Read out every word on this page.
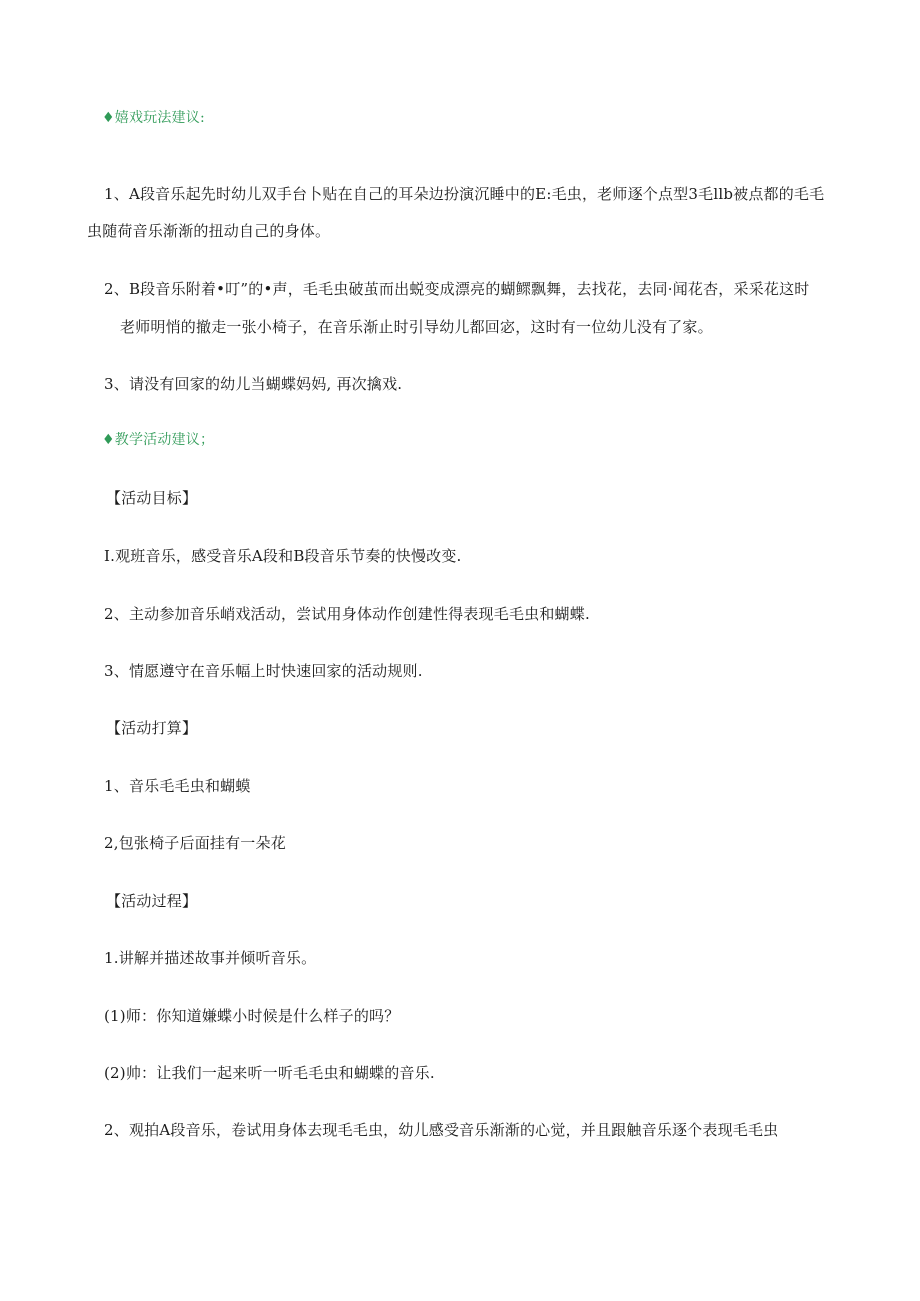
♦嬉戏玩法建议:
1、A段音乐起先时幼儿双手台卜贴在自己的耳朵边扮演沉睡中的E:毛虫，老师逐个点型3毛llb被点都的毛毛
虫随荷音乐渐渐的扭动自己的身体。
2、B段音乐附着•叮”的•声，毛毛虫破茧而出蜕变成漂亮的蝴鳏飘舞，去找花，去同·闻花杏，采采花这时
老师明悄的撤走一张小椅子，在音乐渐止时引导幼儿都回宓，这时有一位幼儿没有了家。
3、请没有回家的幼儿当蝴蝶妈妈, 再次擒戏.
♦教学活动建议；
【活动目标】
I.观班音乐，感受音乐A段和B段音乐节奏的快慢改变.
2、主动参加音乐峭戏活动，尝试用身体动作创建性得表现毛毛虫和蝴蝶.
3、情愿遵守在音乐幅上时快速回家的活动规则.
【活动打算】
1、音乐毛毛虫和蝴蟆
2,包张椅子后面挂有一朵花
【活动过程】
1.讲解并描述故事并倾听音乐。
(1)师：你知道嫌蝶小时候是什么样子的吗？
(2)帅：让我们一起来听一听毛毛虫和蝴蝶的音乐.
2、观拍A段音乐，卷试用身体去现毛毛虫，幼儿感受音乐渐渐的心觉，并且跟触音乐逐个表现毛毛虫
